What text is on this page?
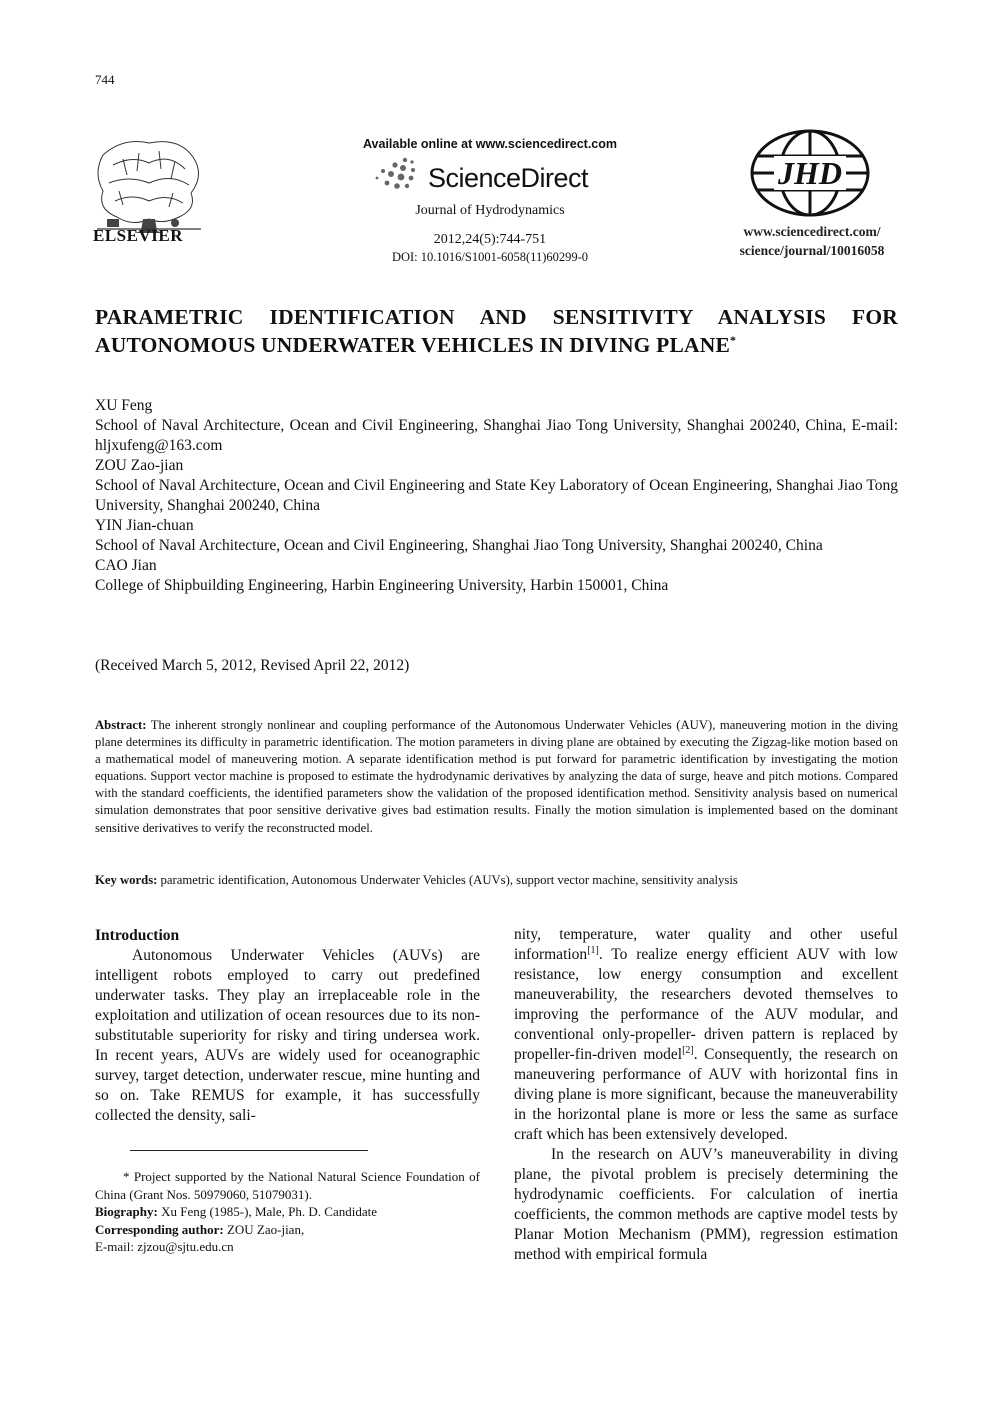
744
ELSEVIER
Available online at www.sciencedirect.com
ScienceDirect
Journal of Hydrodynamics
2012,24(5):744-751
DOI: 10.1016/S1001-6058(11)60299-0
JHD
www.sciencedirect.com/
science/journal/10016058
PARAMETRIC IDENTIFICATION AND SENSITIVITY ANALYSIS FOR AUTONOMOUS UNDERWATER VEHICLES IN DIVING PLANE*
XU Feng
School of Naval Architecture, Ocean and Civil Engineering, Shanghai Jiao Tong University, Shanghai 200240, China, E-mail: hljxufeng@163.com
ZOU Zao-jian
School of Naval Architecture, Ocean and Civil Engineering and State Key Laboratory of Ocean Engineering, Shanghai Jiao Tong University, Shanghai 200240, China
YIN Jian-chuan
School of Naval Architecture, Ocean and Civil Engineering, Shanghai Jiao Tong University, Shanghai 200240, China
CAO Jian
College of Shipbuilding Engineering, Harbin Engineering University, Harbin 150001, China
(Received March 5, 2012, Revised April 22, 2012)
Abstract: The inherent strongly nonlinear and coupling performance of the Autonomous Underwater Vehicles (AUV), maneuvering motion in the diving plane determines its difficulty in parametric identification. The motion parameters in diving plane are obtained by executing the Zigzag-like motion based on a mathematical model of maneuvering motion. A separate identification method is put forward for parametric identification by investigating the motion equations. Support vector machine is proposed to estimate the hydrodynamic derivatives by analyzing the data of surge, heave and pitch motions. Compared with the standard coefficients, the identified parameters show the validation of the proposed identification method. Sensitivity analysis based on numerical simulation demonstrates that poor sensitive derivative gives bad estimation results. Finally the motion simulation is implemented based on the dominant sensitive derivatives to verify the reconstructed model.
Key words: parametric identification, Autonomous Underwater Vehicles (AUVs), support vector machine, sensitivity analysis
Introduction
Autonomous Underwater Vehicles (AUVs) are intelligent robots employed to carry out predefined underwater tasks. They play an irreplaceable role in the exploitation and utilization of ocean resources due to its non-substitutable superiority for risky and tiring undersea work. In recent years, AUVs are widely used for oceanographic survey, target detection, underwater rescue, mine hunting and so on. Take REMUS for example, it has successfully collected the density, sali-
* Project supported by the National Natural Science Foundation of China (Grant Nos. 50979060, 51079031).
Biography: Xu Feng (1985-), Male, Ph. D. Candidate
Corresponding author: ZOU Zao-jian,
E-mail: zjzou@sjtu.edu.cn
nity, temperature, water quality and other useful information[1]. To realize energy efficient AUV with low resistance, low energy consumption and excellent maneuverability, the researchers devoted themselves to improving the performance of the AUV modular, and conventional only-propeller- driven pattern is replaced by propeller-fin-driven model[2]. Consequently, the research on maneuvering performance of AUV with horizontal fins in diving plane is more significant, because the maneuverability in the horizontal plane is more or less the same as surface craft which has been extensively developed.
In the research on AUV’s maneuverability in diving plane, the pivotal problem is precisely determining the hydrodynamic coefficients. For calculation of inertia coefficients, the common methods are captive model tests by Planar Motion Mechanism (PMM), regression estimation method with empirical formula
